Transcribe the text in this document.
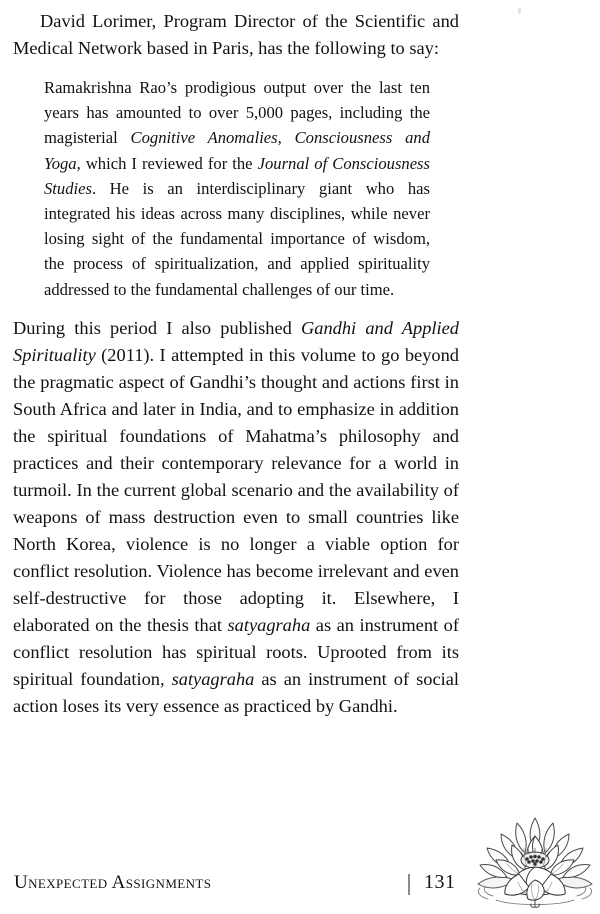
David Lorimer, Program Director of the Scientific and Medical Network based in Paris, has the following to say:

Ramakrishna Rao’s prodigious output over the last ten years has amounted to over 5,000 pages, including the magisterial Cognitive Anomalies, Consciousness and Yoga, which I reviewed for the Journal of Consciousness Studies. He is an interdisciplinary giant who has integrated his ideas across many disciplines, while never losing sight of the fundamental importance of wisdom, the process of spiritualization, and applied spirituality addressed to the fundamental challenges of our time.

During this period I also published Gandhi and Applied Spirituality (2011). I attempted in this volume to go beyond the pragmatic aspect of Gandhi’s thought and actions first in South Africa and later in India, and to emphasize in addition the spiritual foundations of Mahatma’s philosophy and practices and their contemporary relevance for a world in turmoil. In the current global scenario and the availability of weapons of mass destruction even to small countries like North Korea, violence is no longer a viable option for conflict resolution. Violence has become irrelevant and even self-destructive for those adopting it. Elsewhere, I elaborated on the thesis that satyagraha as an instrument of conflict resolution has spiritual roots. Uprooted from its spiritual foundation, satyagraha as an instrument of social action loses its very essence as practiced by Gandhi.

Unexpected Assignments	131
